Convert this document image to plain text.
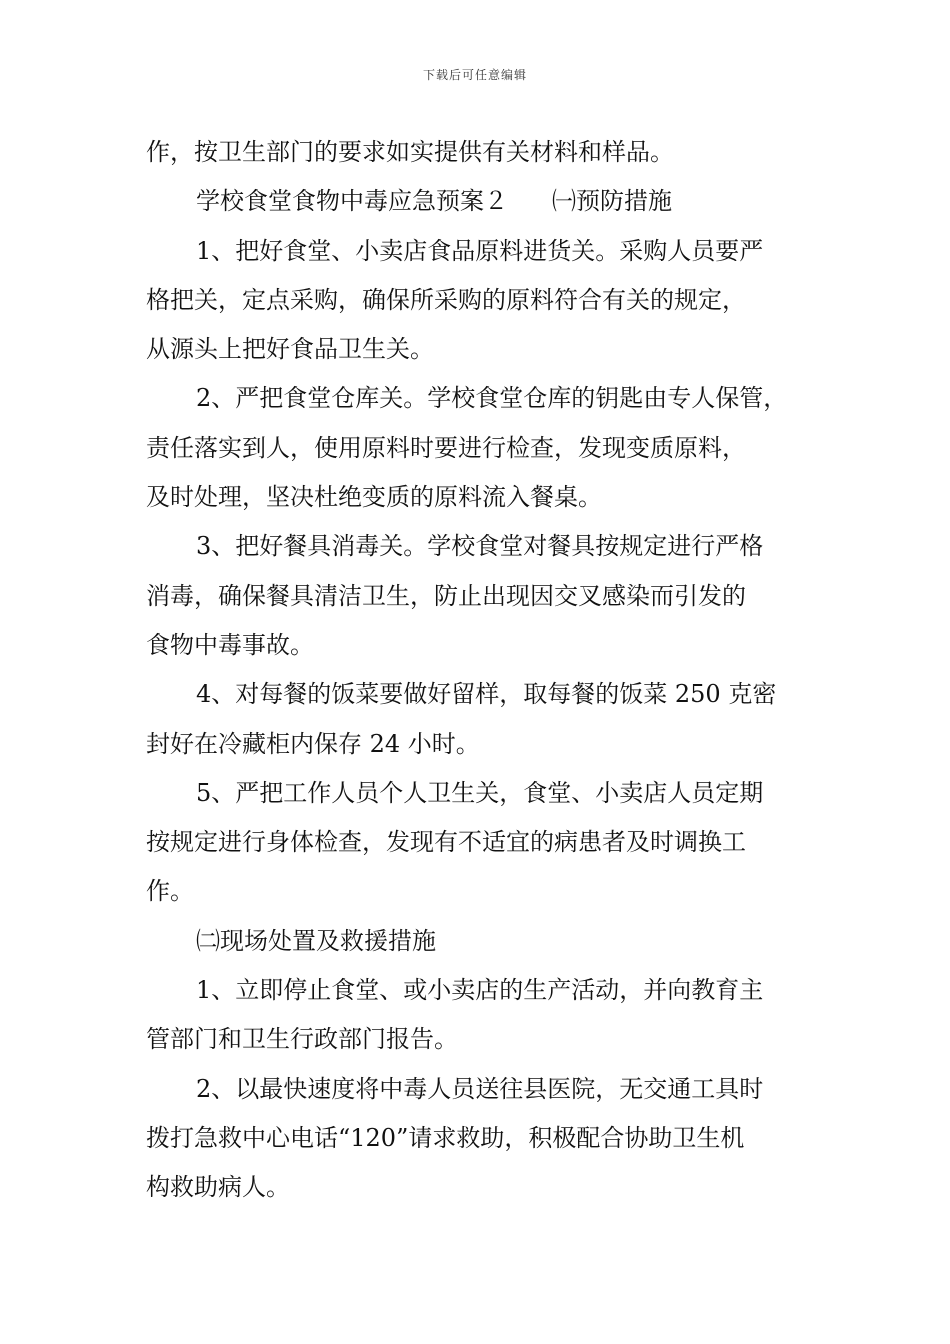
下载后可任意编辑

作，按卫生部门的要求如实提供有关材料和样品。

学校食堂食物中毒应急预案２ ㈠预防措施

1、把好食堂、小卖店食品原料进货关。采购人员要严
格把关，定点采购，确保所采购的原料符合有关的规定，
从源头上把好食品卫生关。

2、严把食堂仓库关。学校食堂仓库的钥匙由专人保管，
责任落实到人，使用原料时要进行检查，发现变质原料，
及时处理，坚决杜绝变质的原料流入餐桌。

3、把好餐具消毒关。学校食堂对餐具按规定进行严格
消毒，确保餐具清洁卫生，防止出现因交叉感染而引发的
食物中毒事故。

4、对每餐的饭菜要做好留样，取每餐的饭菜 250 克密
封好在冷藏柜内保存 24 小时。

5、严把工作人员个人卫生关，食堂、小卖店人员定期
按规定进行身体检查，发现有不适宜的病患者及时调换工
作。

㈡现场处置及救援措施

1、立即停止食堂、或小卖店的生产活动，并向教育主
管部门和卫生行政部门报告。

2、以最快速度将中毒人员送往县医院，无交通工具时
拨打急救中心电话“120”请求救助，积极配合协助卫生机
构救助病人。
